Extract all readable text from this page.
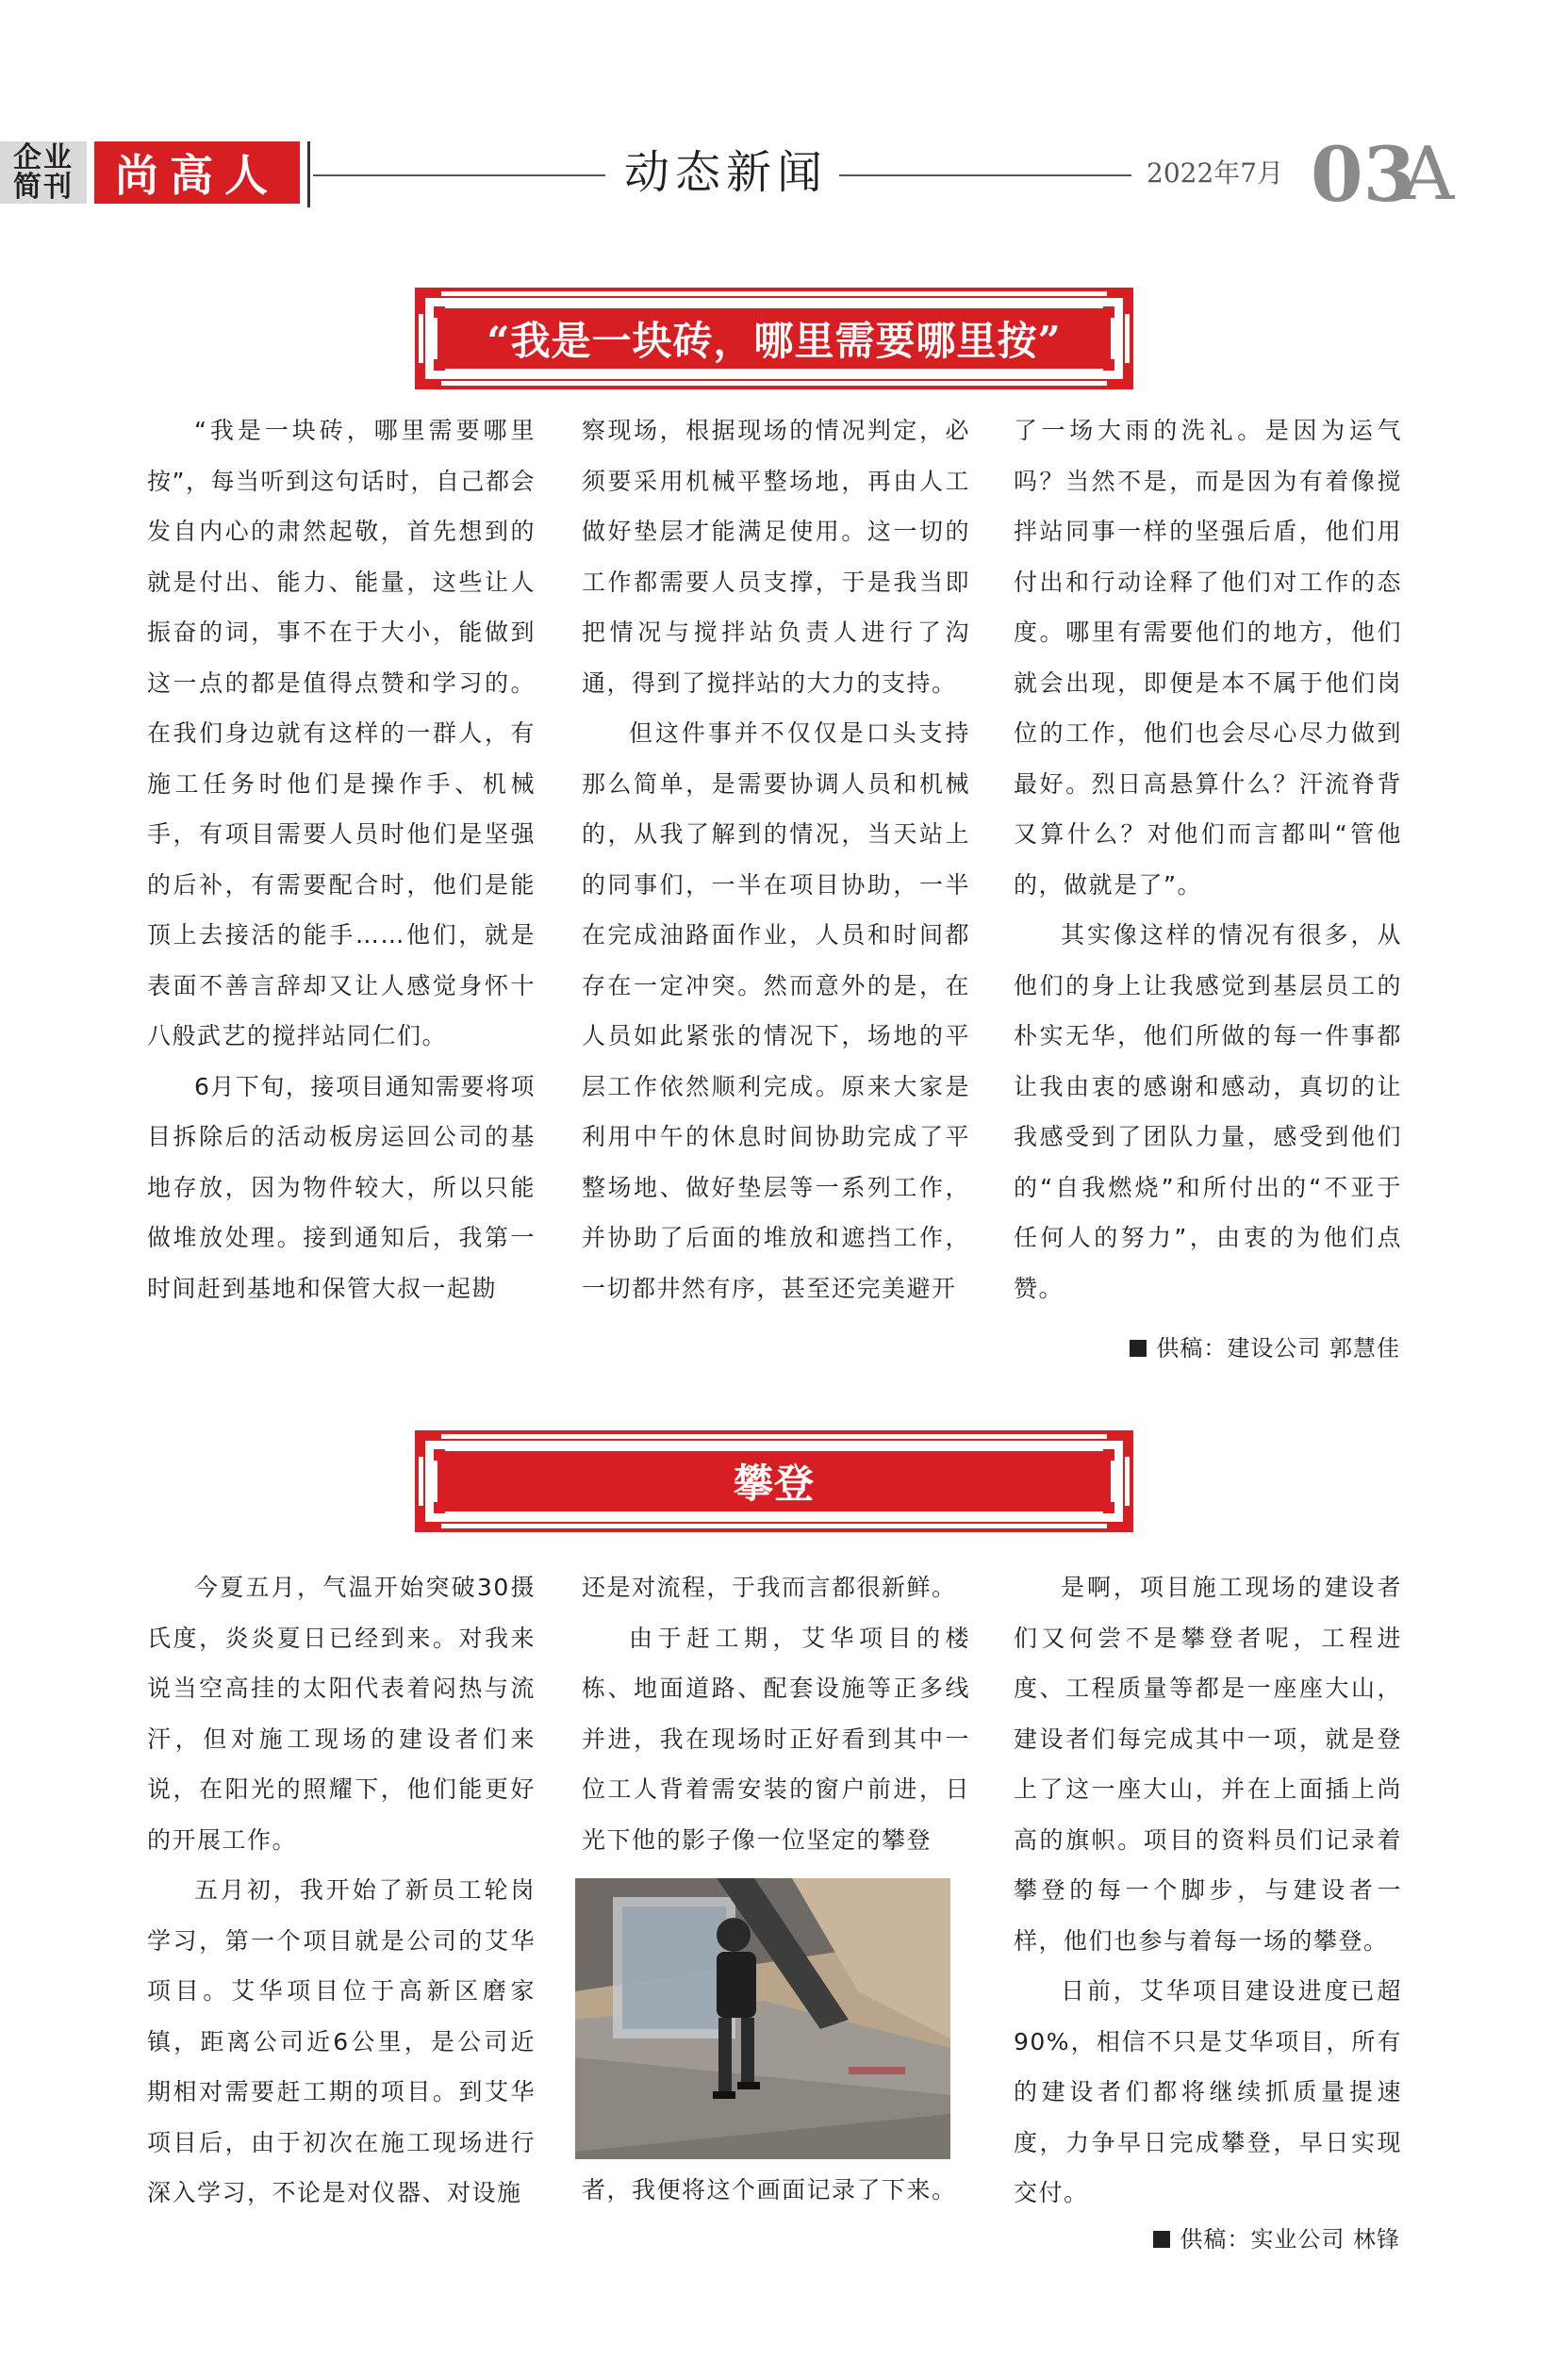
企业
简刊 尚高人	动态新闻	2022年7月 03
A
“我是一块砖，哪里需要哪里按”

“我是一块砖，哪里需要哪里按”，每当听到这句话时，自己都会发自内心的肃然起敬，首先想到的就是付出、能力、能量，这些让人振奋的词，事不在于大小，能做到这一点的都是值得点赞和学习的。在我们身边就有这样的一群人，有施工任务时他们是操作手、机械手，有项目需要人员时他们是坚强的后补，有需要配合时，他们是能顶上去接活的能手……他们，就是表面不善言辞却又让人感觉身怀十八般武艺的搅拌站同仁们。

6月下旬，接项目通知需要将项目拆除后的活动板房运回公司的基地存放，因为物件较大，所以只能做堆放处理。接到通知后，我第一时间赶到基地和保管大叔一起勘

察现场，根据现场的情况判定，必须要采用机械平整场地，再由人工做好垫层才能满足使用。这一切的工作都需要人员支撑，于是我当即把情况与搅拌站负责人进行了沟通，得到了搅拌站的大力的支持。

但这件事并不仅仅是口头支持那么简单，是需要协调人员和机械的，从我了解到的情况，当天站上的同事们，一半在项目协助，一半在完成油路面作业，人员和时间都存在一定冲突。然而意外的是，在人员如此紧张的情况下，场地的平层工作依然顺利完成。原来大家是利用中午的休息时间协助完成了平整场地、做好垫层等一系列工作，并协助了后面的堆放和遮挡工作，一切都井然有序，甚至还完美避开

了一场大雨的洗礼。是因为运气吗？当然不是，而是因为有着像搅拌站同事一样的坚强后盾，他们用付出和行动诠释了他们对工作的态度。哪里有需要他们的地方，他们就会出现，即便是本不属于他们岗位的工作，他们也会尽心尽力做到最好。烈日高悬算什么？汗流脊背又算什么？对他们而言都叫“管他的，做就是了”。

其实像这样的情况有很多，从他们的身上让我感觉到基层员工的朴实无华，他们所做的每一件事都让我由衷的感谢和感动，真切的让我感受到了团队力量，感受到他们的“自我燃烧”和所付出的“不亚于任何人的努力”，由衷的为他们点赞。

供稿：建设公司 郭慧佳
攀登

今夏五月，气温开始突破30摄氏度，炎炎夏日已经到来。对我来说当空高挂的太阳代表着闷热与流汗，但对施工现场的建设者们来说，在阳光的照耀下，他们能更好的开展工作。

五月初，我开始了新员工轮岗学习，第一个项目就是公司的艾华项目。艾华项目位于高新区磨家镇，距离公司近6公里，是公司近期相对需要赶工期的项目。到艾华项目后，由于初次在施工现场进行深入学习，不论是对仪器、对设施

还是对流程，于我而言都很新鲜。

由于赶工期，艾华项目的楼栋、地面道路、配套设施等正多线并进，我在现场时正好看到其中一位工人背着需安装的窗户前进，日光下他的影子像一位坚定的攀登

者，我便将这个画面记录了下来。

是啊，项目施工现场的建设者们又何尝不是攀登者呢，工程进度、工程质量等都是一座座大山，建设者们每完成其中一项，就是登上了这一座大山，并在上面插上尚高的旗帜。项目的资料员们记录着攀登的每一个脚步，与建设者一样，他们也参与着每一场的攀登。

日前，艾华项目建设进度已超90%，相信不只是艾华项目，所有的建设者们都将继续抓质量提速度，力争早日完成攀登，早日实现交付。

供稿：实业公司 林锋
